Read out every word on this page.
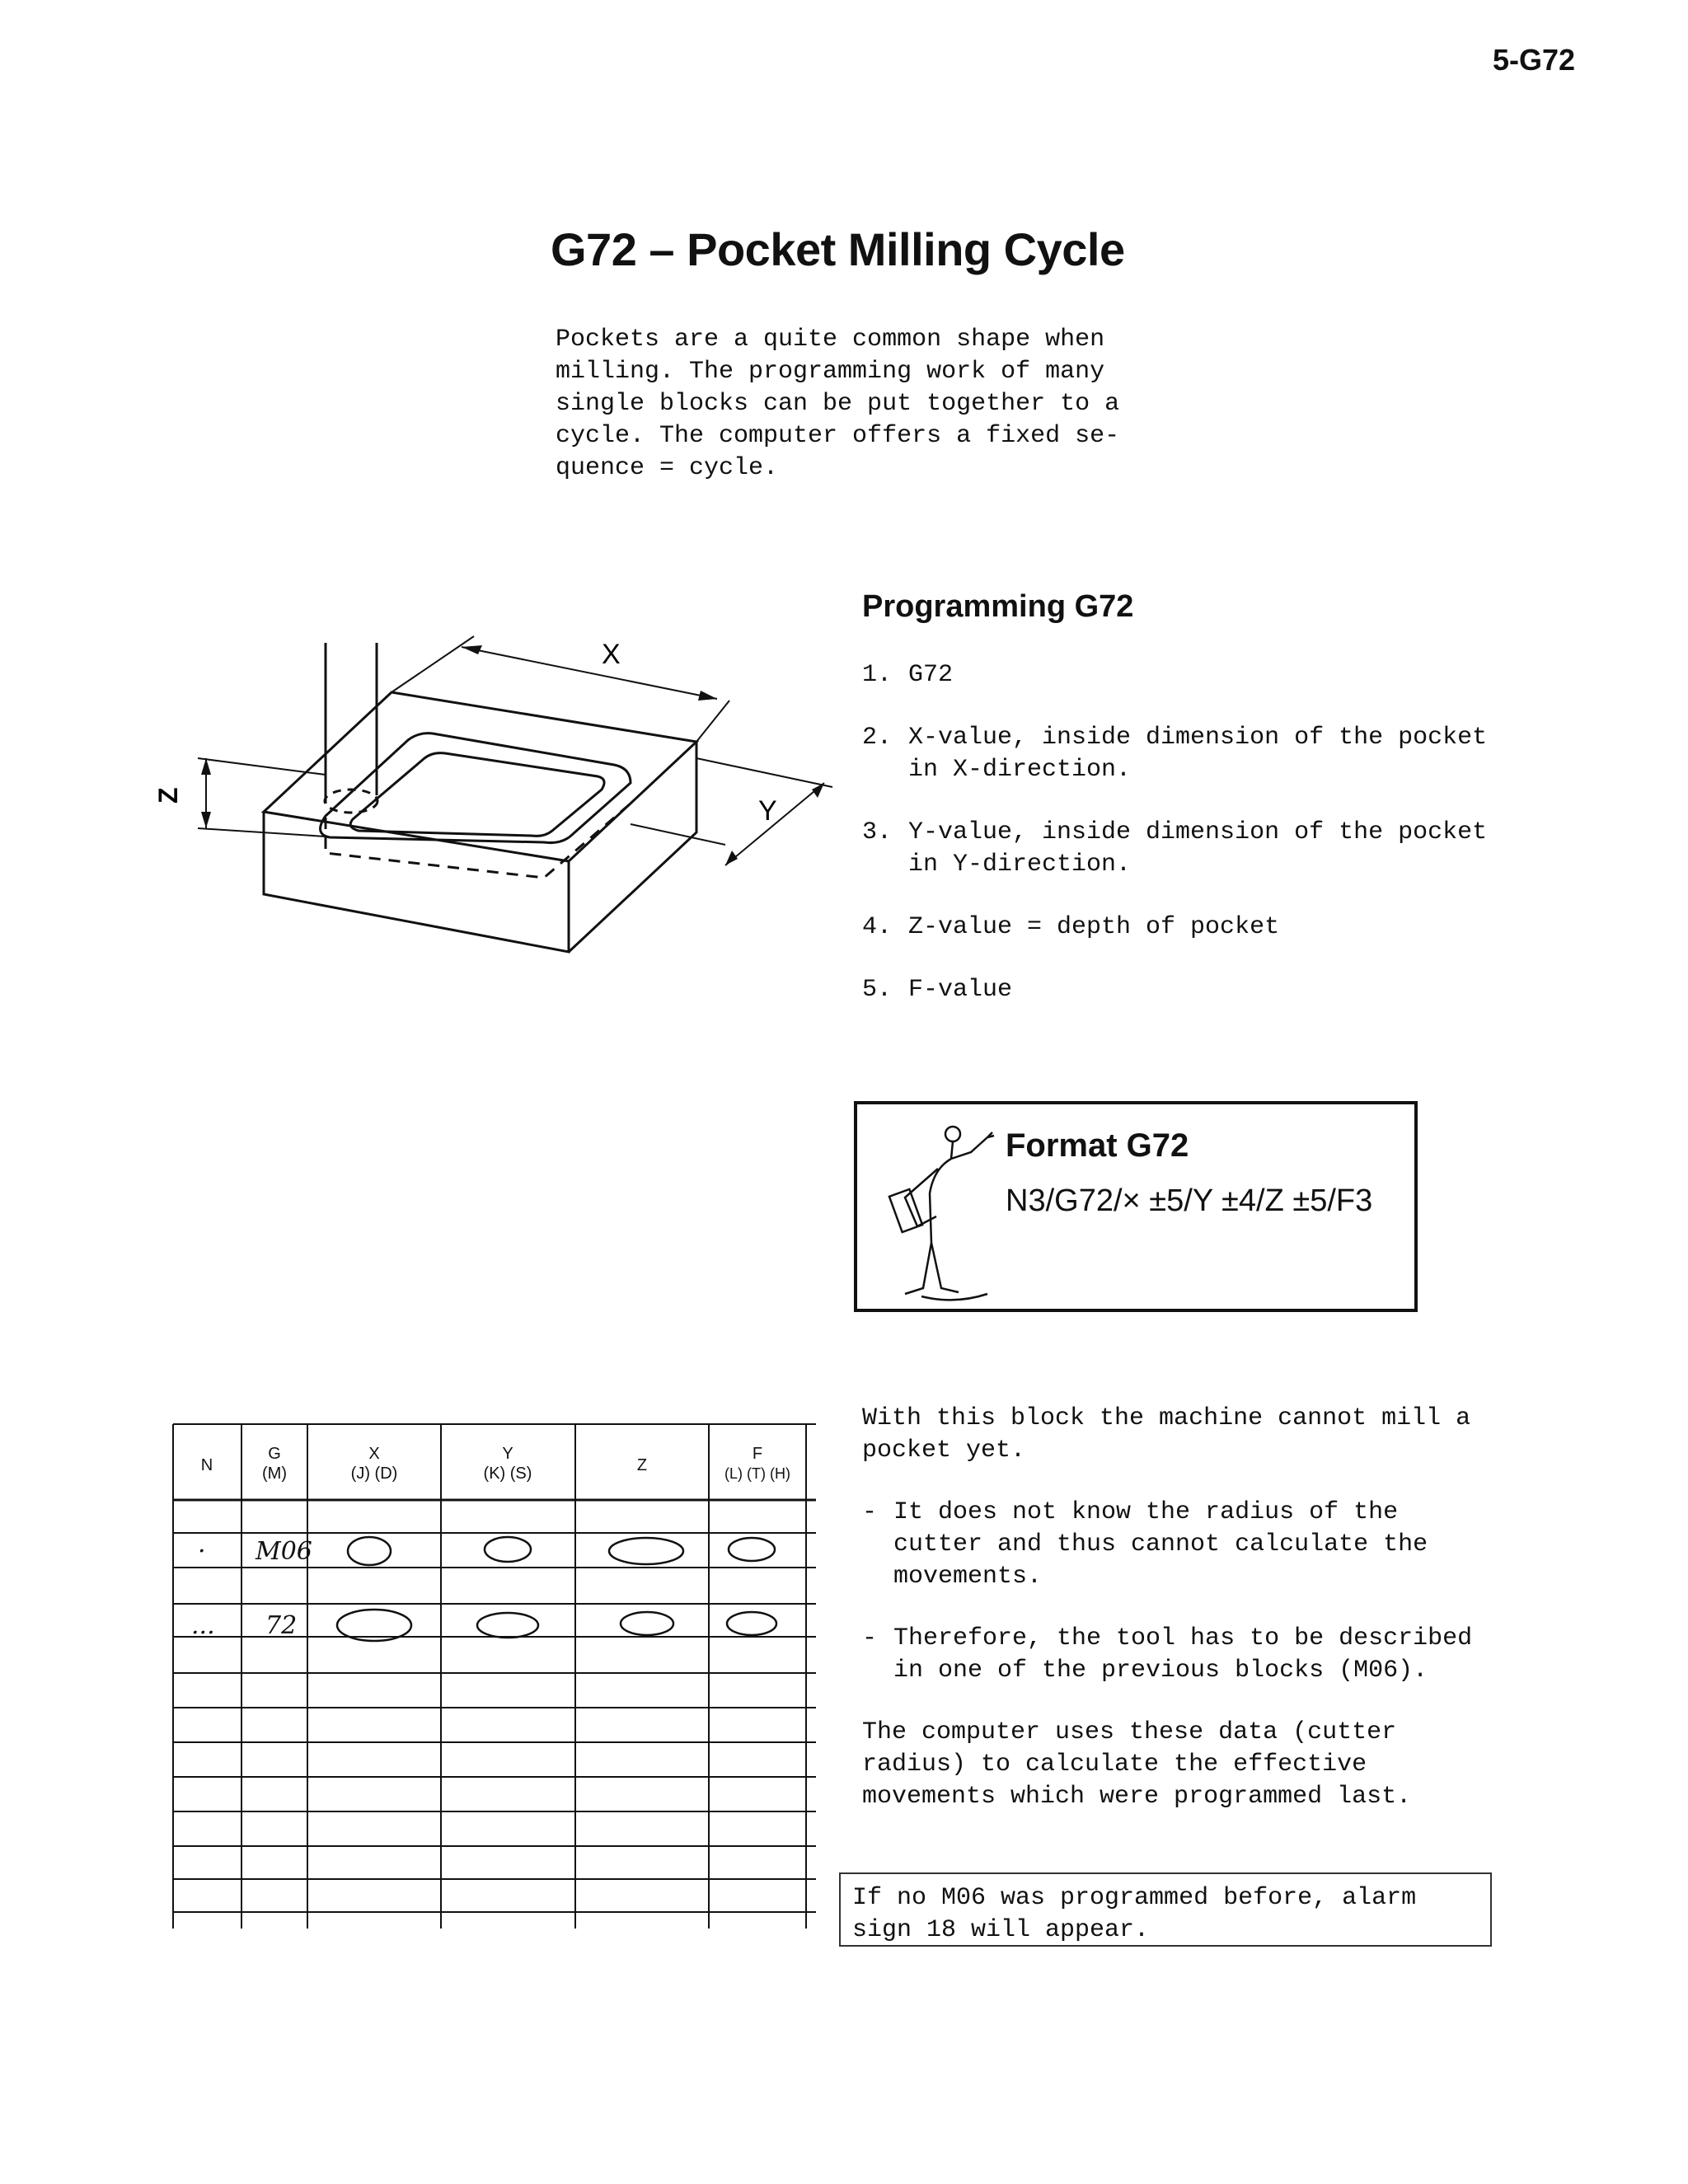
5-G72
G72 – Pocket Milling Cycle
Pockets are a quite common shape when
milling. The programming work of many
single blocks can be put together to a
cycle. The computer offers a fixed se-
quence = cycle.
X
Y
Z
Programming G72
1. G72
2. X-value, inside dimension of the pocket in X-direction.
3. Y-value, inside dimension of the pocket in Y-direction.
4. Z-value = depth of pocket
5. F-value
Format G72
N3/G72/× ±5/Y ±4/Z ±5/F3
N
G
(M)
X
(J) (D)
Y
(K) (S)	Z
F
(L) (T) (H)
· M06
... 72

With this block the machine cannot mill a pocket yet.

- It does not know the radius of the cutter and thus cannot calculate the movements.
- Therefore, the tool has to be described in one of the previous blocks (M06).

The computer uses these data (cutter radius) to calculate the effective movements which were programmed last.

If no M06 was programmed before, alarm sign 18 will appear.
